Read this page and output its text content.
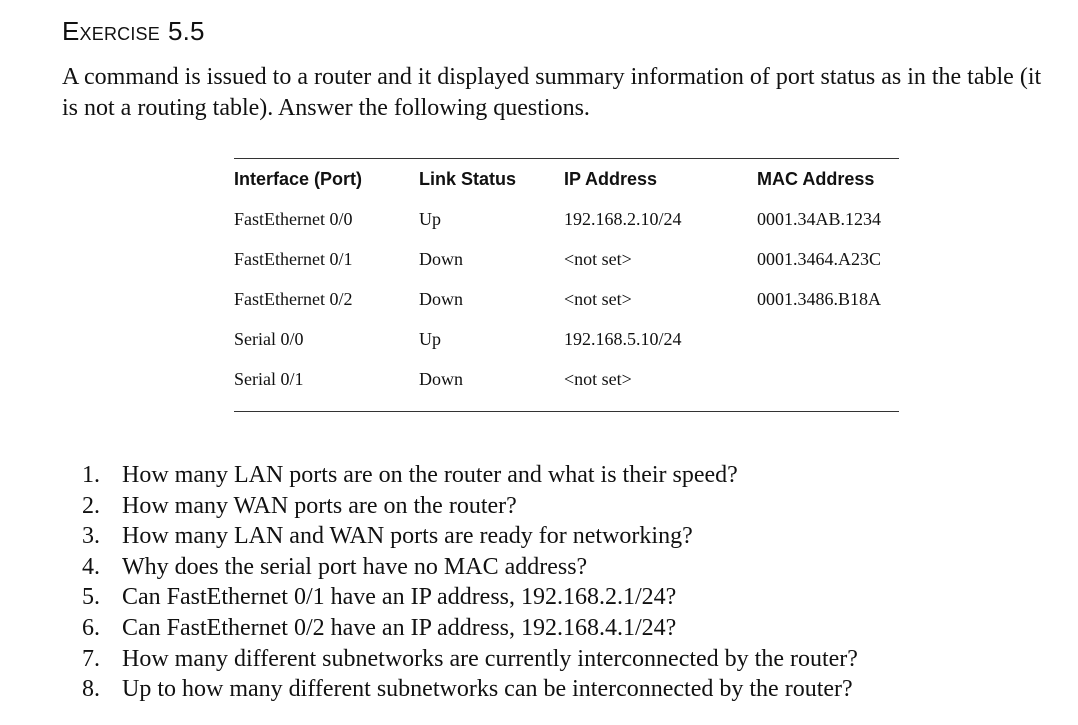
Exercise 5.5

A command is issued to a router and it displayed summary information of port status as in the table (it is not a routing table). Answer the following questions.

Interface (Port)	Link Status	IP Address	MAC Address
FastEthernet 0/0	Up	192.168.2.10/24	0001.34AB.1234
FastEthernet 0/1	Down	<not set>	0001.3464.A23C
FastEthernet 0/2	Down	<not set>	0001.3486.B18A
Serial 0/0	Up	192.168.5.10/24	
Serial 0/1	Down	<not set>	
1. How many LAN ports are on the router and what is their speed?
2. How many WAN ports are on the router?
3. How many LAN and WAN ports are ready for networking?
4. Why does the serial port have no MAC address?
5. Can FastEthernet 0/1 have an IP address, 192.168.2.1/24?
6. Can FastEthernet 0/2 have an IP address, 192.168.4.1/24?
7. How many different subnetworks are currently interconnected by the router?
8. Up to how many different subnetworks can be interconnected by the router?
